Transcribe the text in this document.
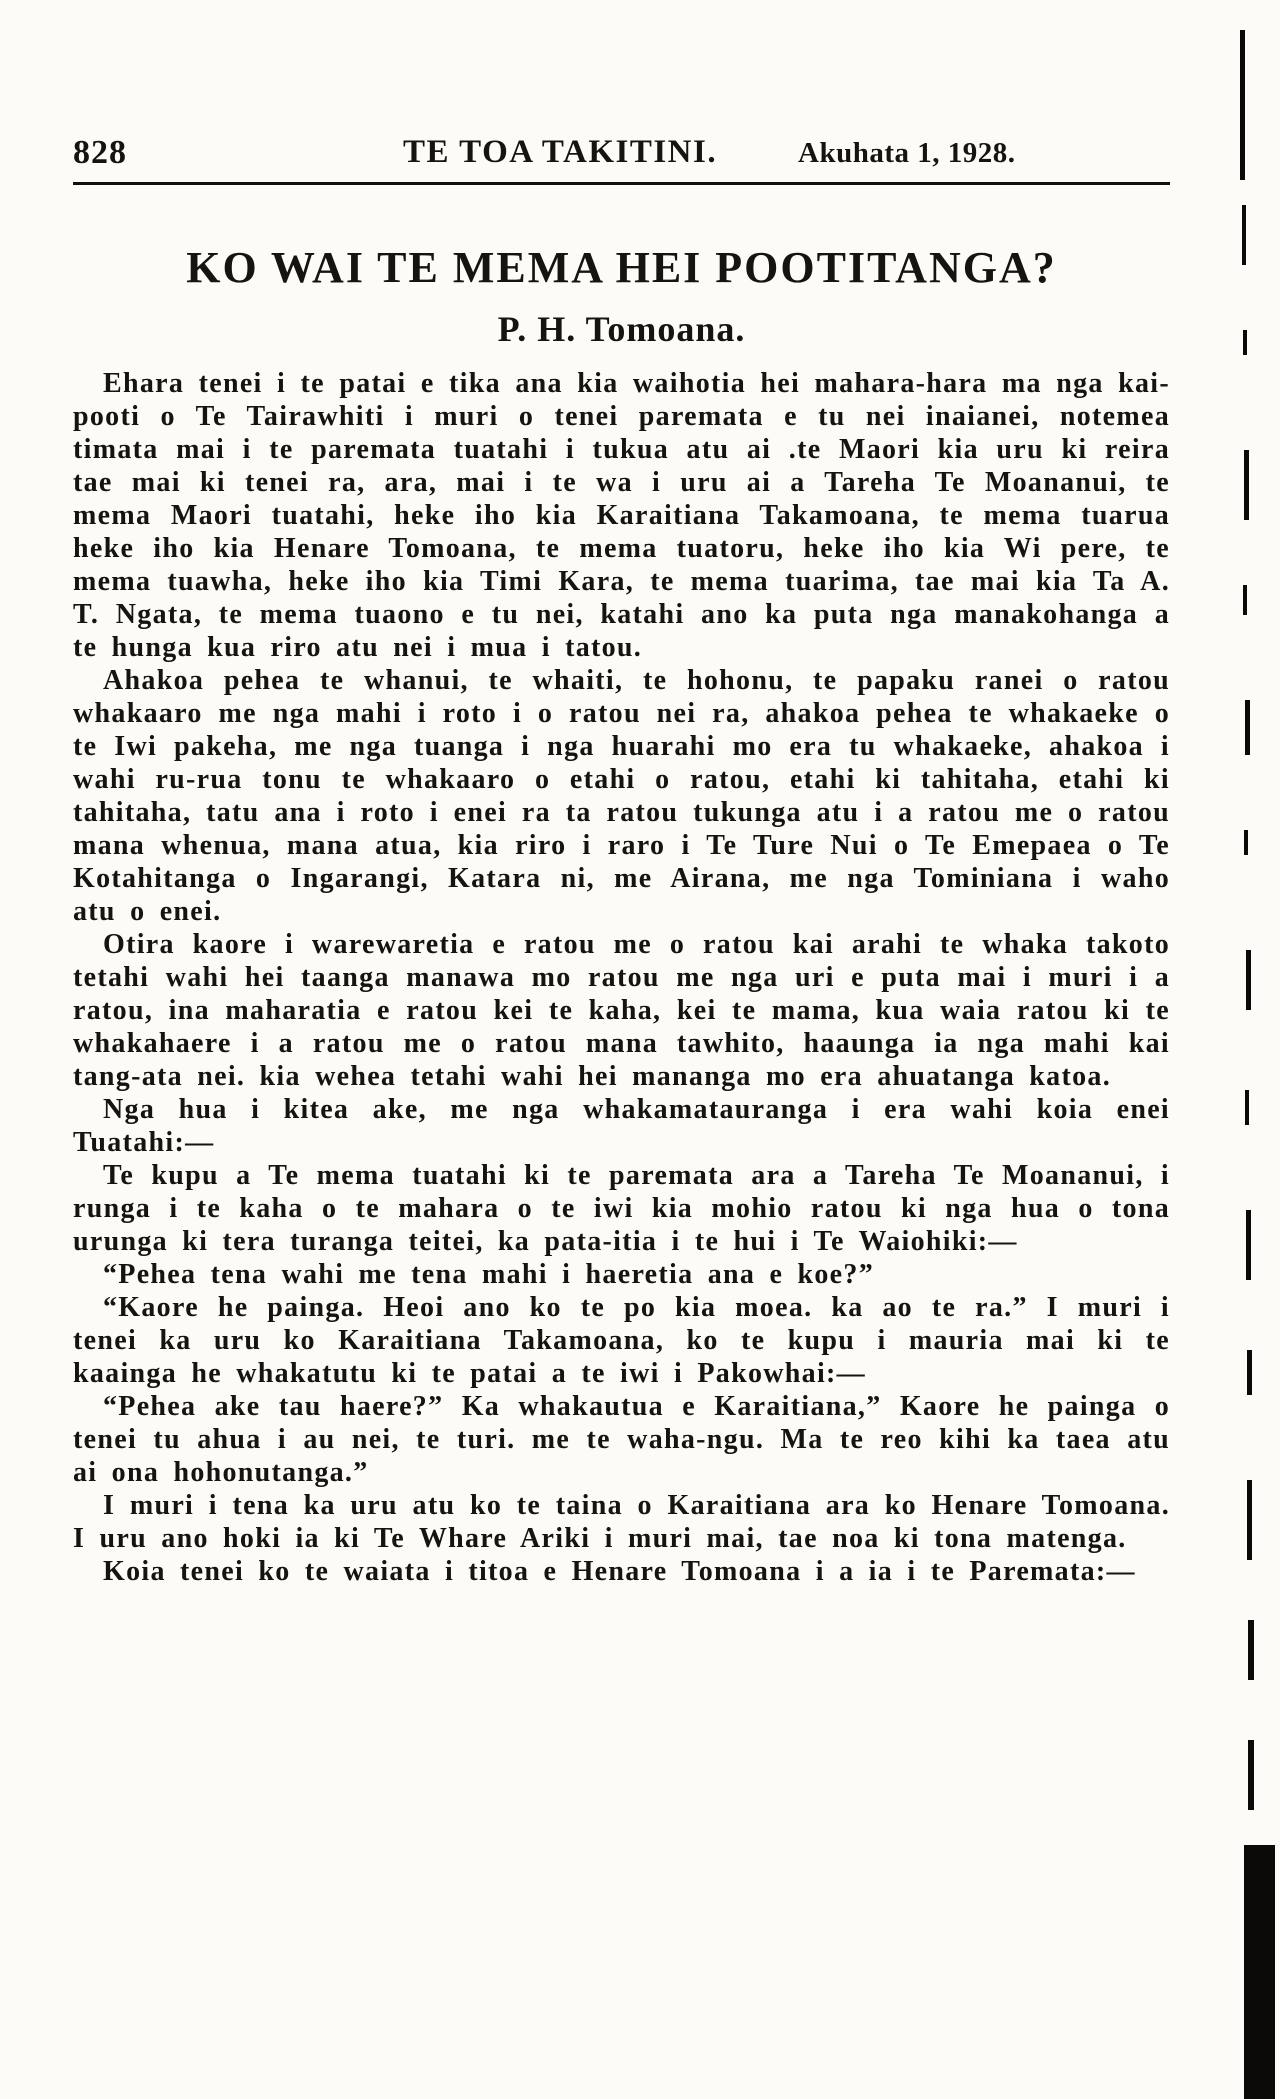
828	TE TOA TAKITINI.	Akuhata 1, 1928.
KO WAI TE MEMA HEI POOTITANGA?
P. H. Tomoana.

Ehara tenei i te patai e tika ana kia waihotia hei mahara-hara ma nga kai-pooti o Te Tairawhiti i muri o tenei paremata e tu nei inaianei, notemea timata mai i te paremata tuatahi i tukua atu ai .te Maori kia uru ki reira tae mai ki tenei ra, ara, mai i te wa i uru ai a Tareha Te Moananui, te mema Maori tuatahi, heke iho kia Karaitiana Takamoana, te mema tuarua heke iho kia Henare Tomoana, te mema tuatoru, heke iho kia Wi pere, te mema tuawha, heke iho kia Timi Kara, te mema tuarima, tae mai kia Ta A. T. Ngata, te mema tuaono e tu nei, katahi ano ka puta nga manakohanga a te hunga kua riro atu nei i mua i tatou.

Ahakoa pehea te whanui, te whaiti, te hohonu, te papaku ranei o ratou whakaaro me nga mahi i roto i o ratou nei ra, ahakoa pehea te whakaeke o te Iwi pakeha, me nga tuanga i nga huarahi mo era tu whakaeke, ahakoa i wahi ru-rua tonu te whakaaro o etahi o ratou, etahi ki tahitaha, etahi ki tahitaha, tatu ana i roto i enei ra ta ratou tukunga atu i a ratou me o ratou mana whenua, mana atua, kia riro i raro i Te Ture Nui o Te Emepaea o Te Kotahitanga o Ingarangi, Katara ni, me Airana, me nga Tominiana i waho atu o enei.

Otira kaore i warewaretia e ratou me o ratou kai arahi te whaka takoto tetahi wahi hei taanga manawa mo ratou me nga uri e puta mai i muri i a ratou, ina maharatia e ratou kei te kaha, kei te mama, kua waia ratou ki te whakahaere i a ratou me o ratou mana tawhito, haaunga ia nga mahi kai tang-ata nei. kia wehea tetahi wahi hei mananga mo era ahuatanga katoa.

Nga hua i kitea ake, me nga whakamatauranga i era wahi koia enei Tuatahi:—

Te kupu a Te mema tuatahi ki te paremata ara a Tareha Te Moananui, i runga i te kaha o te mahara o te iwi kia mohio ratou ki nga hua o tona urunga ki tera turanga teitei, ka pata-itia i te hui i Te Waiohiki:—

“Pehea tena wahi me tena mahi i haeretia ana e koe?”

“Kaore he painga. Heoi ano ko te po kia moea. ka ao te ra.” I muri i tenei ka uru ko Karaitiana Takamoana, ko te kupu i mauria mai ki te kaainga he whakatutu ki te patai a te iwi i Pakowhai:—

“Pehea ake tau haere?” Ka whakautua e Karaitiana,” Kaore he painga o tenei tu ahua i au nei, te turi. me te waha-ngu. Ma te reo kihi ka taea atu ai ona hohonutanga.”

I muri i tena ka uru atu ko te taina o Karaitiana ara ko Henare Tomoana. I uru ano hoki ia ki Te Whare Ariki i muri mai, tae noa ki tona matenga.

Koia tenei ko te waiata i titoa e Henare Tomoana i a ia i te Paremata:—
